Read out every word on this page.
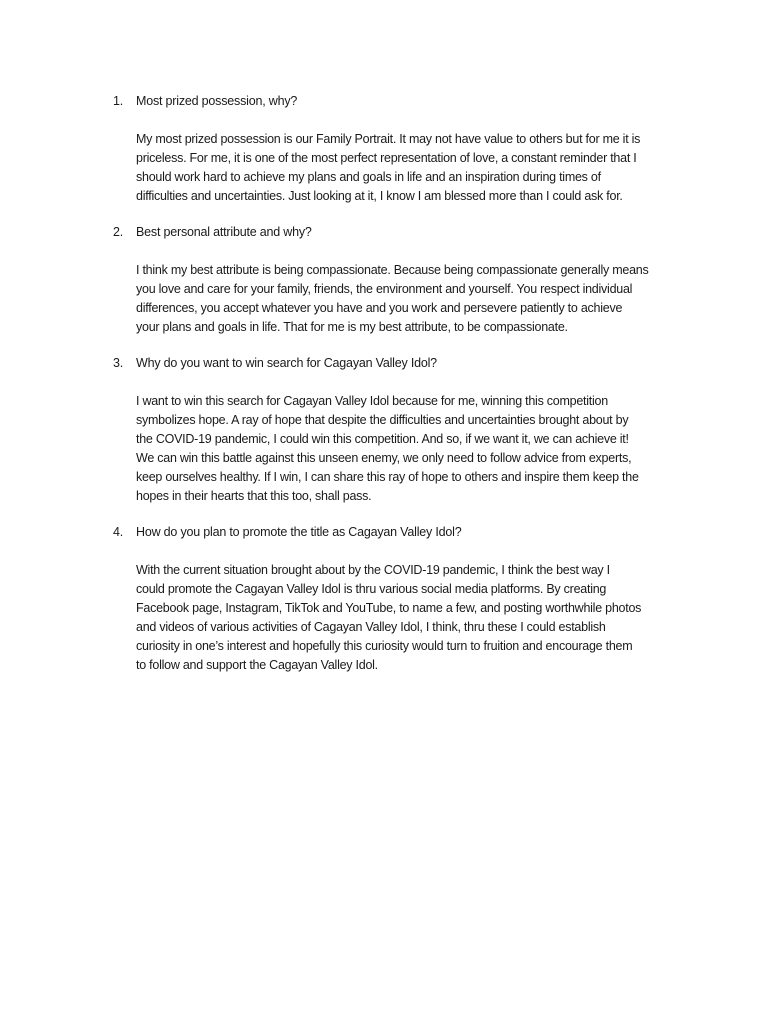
1. Most prized possession, why?
My most prized possession is our Family Portrait. It may not have value to others but for me it is
priceless. For me, it is one of the most perfect representation of love, a constant reminder that I
should work hard to achieve my plans and goals in life and an inspiration during times of
difficulties and uncertainties. Just looking at it, I know I am blessed more than I could ask for.
2. Best personal attribute and why?
I think my best attribute is being compassionate. Because being compassionate generally means
you love and care for your family, friends, the environment and yourself. You respect individual
differences, you accept whatever you have and you work and persevere patiently to achieve
your plans and goals in life. That for me is my best attribute, to be compassionate.
3. Why do you want to win search for Cagayan Valley Idol?
I want to win this search for Cagayan Valley Idol because for me, winning this competition
symbolizes hope. A ray of hope that despite the difficulties and uncertainties brought about by
the COVID-19 pandemic, I could win this competition. And so, if we want it, we can achieve it!
We can win this battle against this unseen enemy, we only need to follow advice from experts,
keep ourselves healthy. If I win, I can share this ray of hope to others and inspire them keep the
hopes in their hearts that this too, shall pass.
4. How do you plan to promote the title as Cagayan Valley Idol?
With the current situation brought about by the COVID-19 pandemic, I think the best way I
could promote the Cagayan Valley Idol is thru various social media platforms. By creating
Facebook page, Instagram, TikTok and YouTube, to name a few, and posting worthwhile photos
and videos of various activities of Cagayan Valley Idol, I think, thru these I could establish
curiosity in one’s interest and hopefully this curiosity would turn to fruition and encourage them
to follow and support the Cagayan Valley Idol.
